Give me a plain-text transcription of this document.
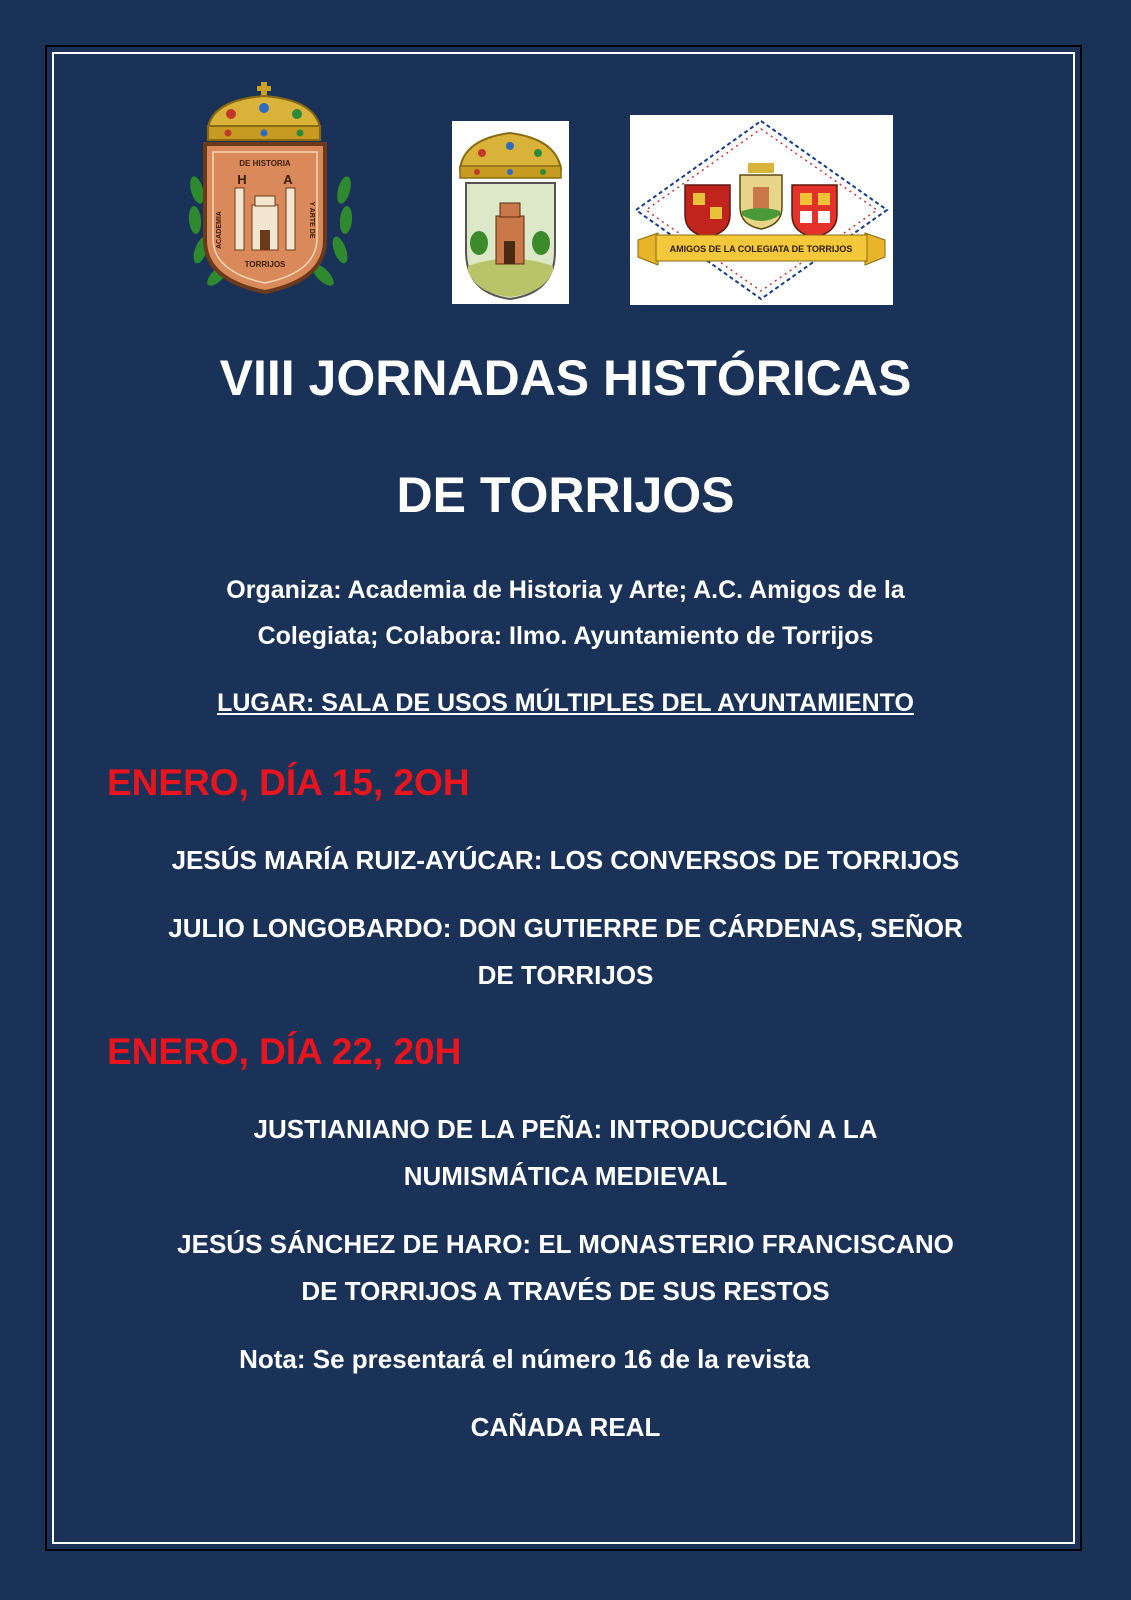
DE HISTORIA
H	A
ACADEMIA	Y ARTE DE
TORRIJOS
AMIGOS DE LA COLEGIATA DE TORRIJOS
VIII JORNADAS HISTÓRICAS
DE TORRIJOS
Organiza: Academia de Historia y Arte; A.C. Amigos de la
Colegiata; Colabora: Ilmo. Ayuntamiento de Torrijos
LUGAR: SALA DE USOS MÚLTIPLES DEL AYUNTAMIENTO
ENERO, DÍA 15, 2OH
JESÚS MARÍA RUIZ-AYÚCAR: LOS CONVERSOS DE TORRIJOS
JULIO LONGOBARDO: DON GUTIERRE DE CÁRDENAS, SEÑOR
DE TORRIJOS
ENERO, DÍA 22, 20H
JUSTIANIANO DE LA PEÑA: INTRODUCCIÓN A LA
NUMISMÁTICA MEDIEVAL
JESÚS SÁNCHEZ DE HARO: EL MONASTERIO FRANCISCANO
DE TORRIJOS A TRAVÉS DE SUS RESTOS
Nota: Se presentará el número 16 de la revista
CAÑADA REAL
